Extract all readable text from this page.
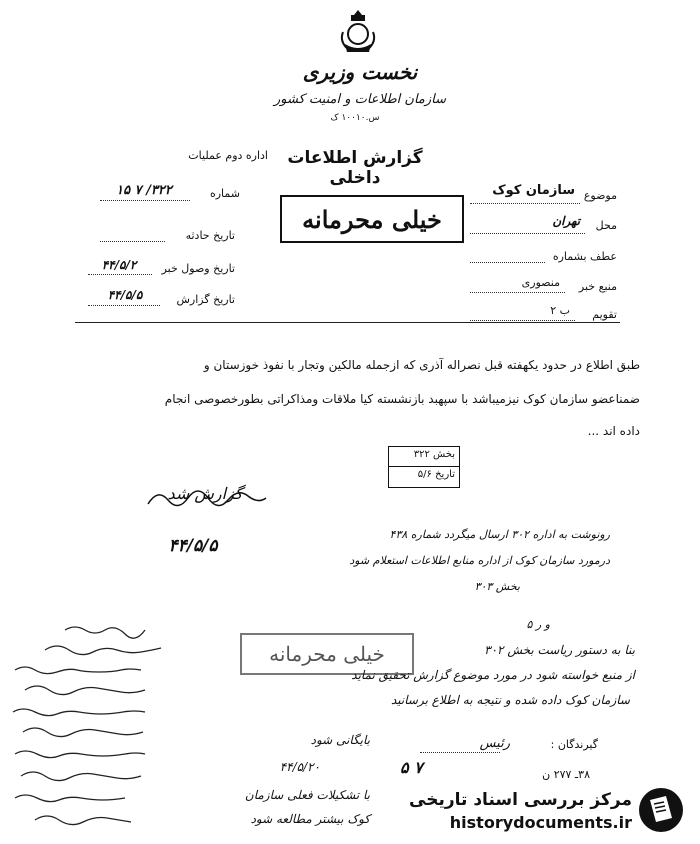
نخست وزیری
سازمان اطلاعات و امنیت کشور
س.۱۰۰۱۰ ک
گزارش اطلاعات داخلی
اداره دوم عملیات
شماره
۳۲۲/ ۷ ۱۵
تاریخ حادثه
تاریخ وصول خبر
۴۴/۵/۲
تاریخ گزارش
۴۴/۵/۵
موضوع
سازمان کوک
محل
تهران
عطف بشماره
منبع خبر
منصوری
تقویم
ب ۲
خیلی محرمانه
طبق اطلاع در حدود یکهفته قبل نصراله آذری که ازجمله مالکین وتجار با نفوذ خوزستان و
ضمناعضو سازمان کوک نیزمیباشد با سپهبد بازنشسته کیا ملاقات ومذاکراتی بطورخصوصی انجام
داده اند ...
بخش ۳۲۲
تاریخ ۵/۶
گزارش شد
۴۴/۵/۵
رونوشت به اداره ۳۰۲ ارسال میگردد شماره ۴۳۸
درمورد سازمان کوک از اداره منابع اطلاعات استعلام شود
بخش ۳۰۳
و ر ۵
خیلی محرمانه	بنا به دستور ریاست بخش ۳۰۲
از منبع خواسته شود در مورد موضوع گزارش تحقیق نماید
سازمان کوک داده شده و نتیجه به اطلاع برسانید
گیرندگان :
رئیس
۵ ۷	۳۸ـ ۲۷۷ ن
بایگانی شود
۴۴/۵/۲۰
با تشکیلات فعلی سازمان
کوک بیشتر مطالعه شود
مرکز بررسی اسناد تاریخی
historydocuments.ir
